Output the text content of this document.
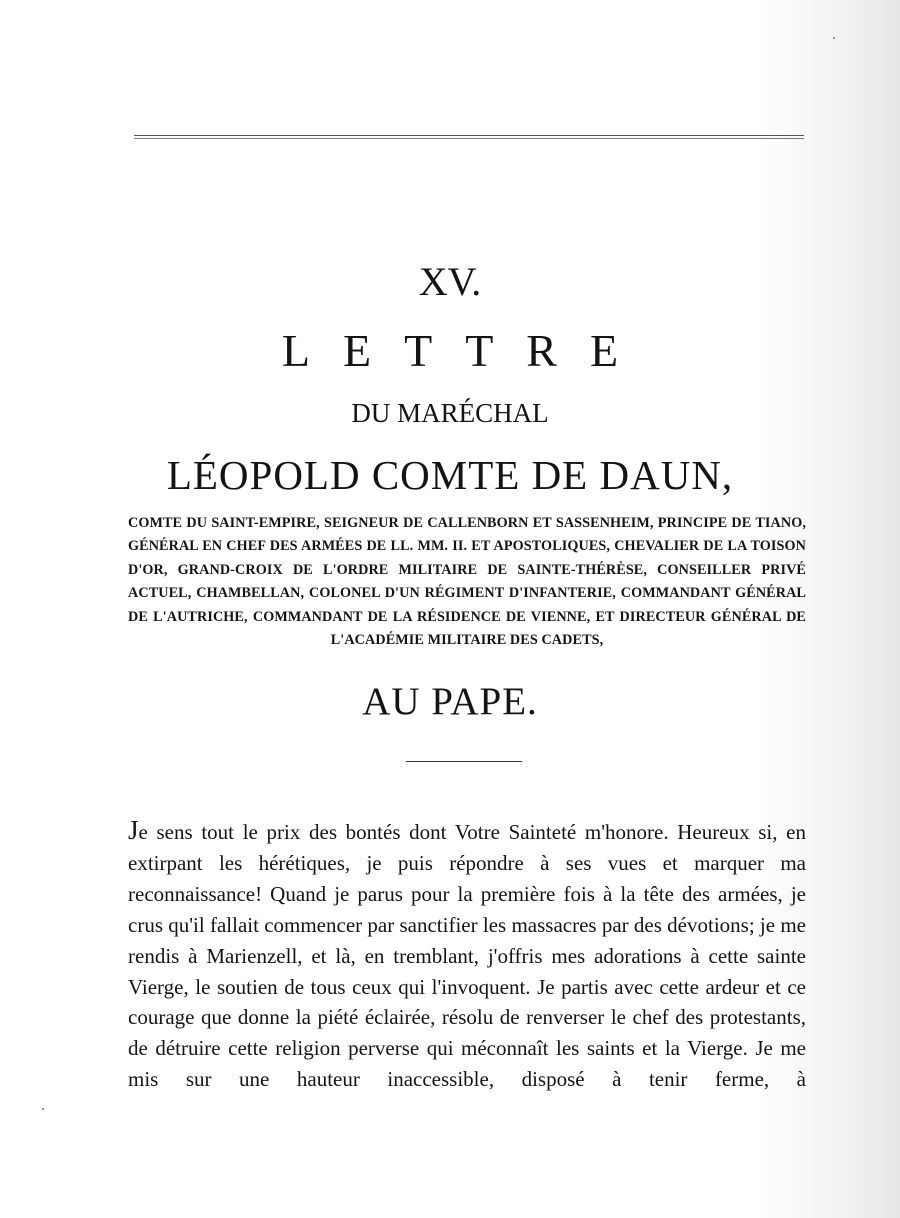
XV.
LETTRE
DU MARÉCHAL
LÉOPOLD COMTE DE DAUN,
COMTE DU SAINT-EMPIRE, SEIGNEUR DE CALLENBORN ET SASSENHEIM, PRINCIPE DE TIANO, GÉNÉRAL EN CHEF DES ARMÉES DE LL. MM. II. ET APOSTOLIQUES, CHEVALIER DE LA TOISON D'OR, GRAND-CROIX DE L'ORDRE MILITAIRE DE SAINTE-THÉRÈSE, CONSEILLER PRIVÉ ACTUEL, CHAMBELLAN, COLONEL D'UN RÉGIMENT D'INFANTERIE, COMMANDANT GÉNÉRAL DE L'AUTRICHE, COMMANDANT DE LA RÉSIDENCE DE VIENNE, ET DIRECTEUR GÉNÉRAL DE L'ACADÉMIE MILITAIRE DES CADETS,
AU PAPE.

Je sens tout le prix des bontés dont Votre Sainteté m'honore. Heureux si, en extirpant les hérétiques, je puis répondre à ses vues et marquer ma reconnaissance! Quand je parus pour la première fois à la tête des armées, je crus qu'il fallait commencer par sanctifier les massacres par des dévotions; je me rendis à Marienzell, et là, en tremblant, j'offris mes adorations à cette sainte Vierge, le soutien de tous ceux qui l'invoquent. Je partis avec cette ardeur et ce courage que donne la piété éclairée, résolu de renverser le chef des protestants, de détruire cette religion perverse qui méconnaît les saints et la Vierge. Je me mis sur une hauteur inaccessible, disposé à tenir ferme, à
